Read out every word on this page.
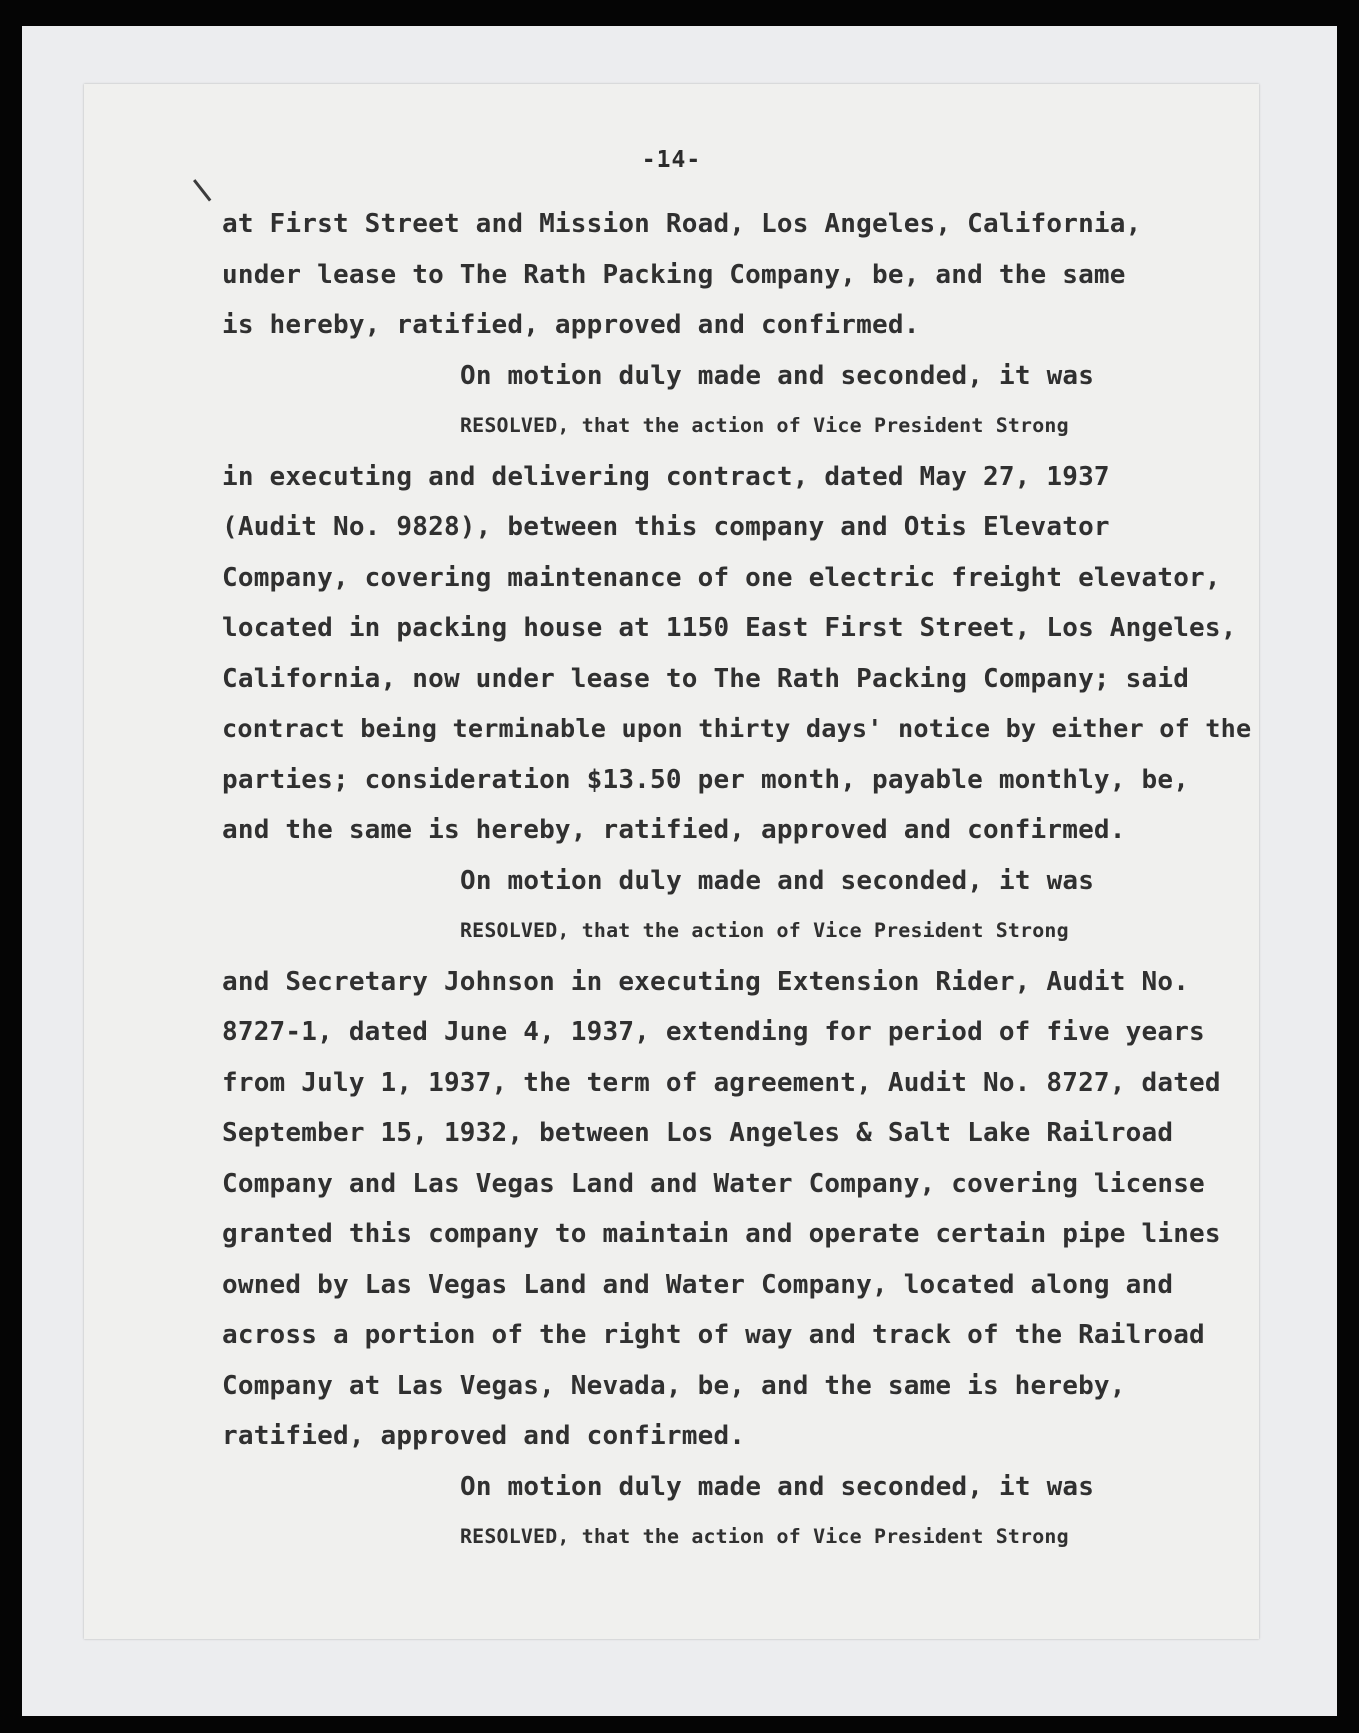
-14-
at First Street and Mission Road, Los Angeles, California,
under lease to The Rath Packing Company, be, and the same
is hereby, ratified, approved and confirmed.
On motion duly made and seconded, it was
RESOLVED, that the action of Vice President Strong
in executing and delivering contract, dated May 27, 1937
(Audit No. 9828), between this company and Otis Elevator
Company, covering maintenance of one electric freight elevator,
located in packing house at 1150 East First Street, Los Angeles,
California, now under lease to The Rath Packing Company; said
contract being terminable upon thirty days' notice by either of the
parties; consideration $13.50 per month, payable monthly, be,
and the same is hereby, ratified, approved and confirmed.
On motion duly made and seconded, it was
RESOLVED, that the action of Vice President Strong
and Secretary Johnson in executing Extension Rider, Audit No.
8727-1, dated June 4, 1937, extending for period of five years
from July 1, 1937, the term of agreement, Audit No. 8727, dated
September 15, 1932, between Los Angeles & Salt Lake Railroad
Company and Las Vegas Land and Water Company, covering license
granted this company to maintain and operate certain pipe lines
owned by Las Vegas Land and Water Company, located along and
across a portion of the right of way and track of the Railroad
Company at Las Vegas, Nevada, be, and the same is hereby,
ratified, approved and confirmed.
On motion duly made and seconded, it was
RESOLVED, that the action of Vice President Strong
